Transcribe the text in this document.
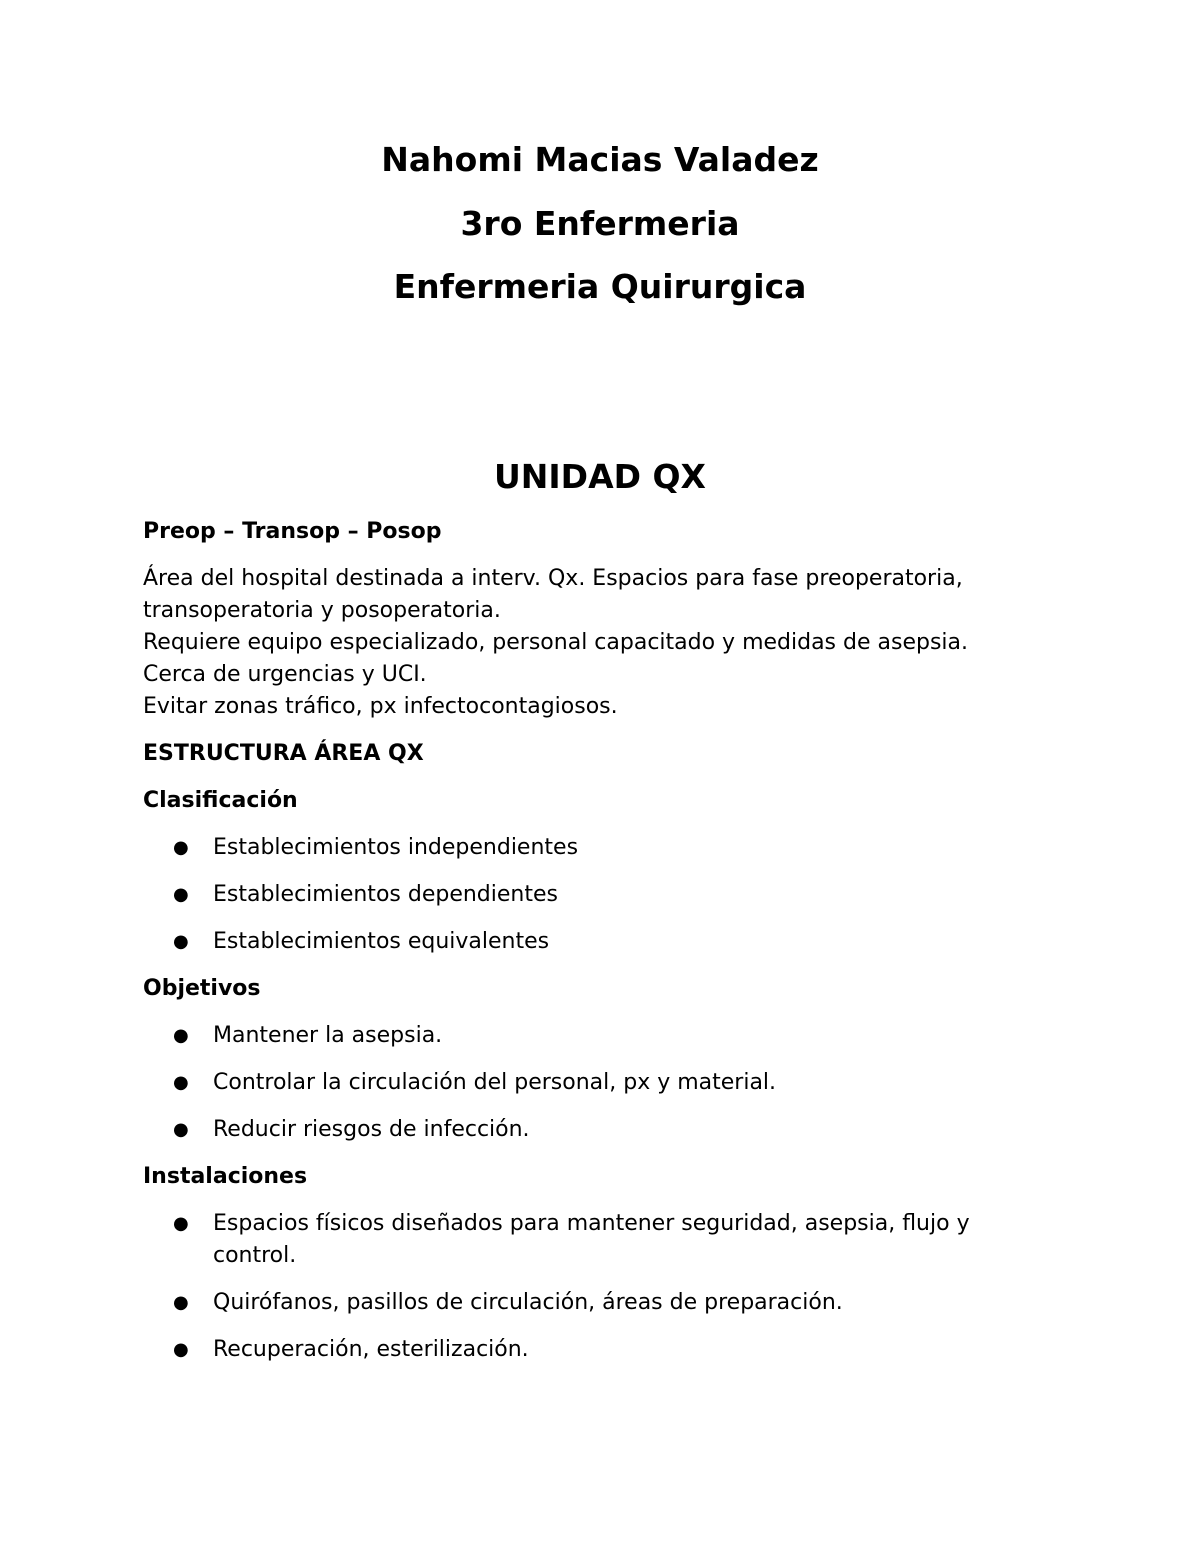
Nahomi Macias Valadez
3ro Enfermeria
Enfermeria Quirurgica
UNIDAD QX

Preop – Transop – Posop

Área del hospital destinada a interv. Qx. Espacios para fase preoperatoria,
transoperatoria y posoperatoria.
Requiere equipo especializado, personal capacitado y medidas de asepsia.
Cerca de urgencias y UCI.
Evitar zonas tráfico, px infectocontagiosos.

ESTRUCTURA ÁREA QX

Clasificación

● Establecimientos independientes
● Establecimientos dependientes
● Establecimientos equivalentes

Objetivos

● Mantener la asepsia.
● Controlar la circulación del personal, px y material.
● Reducir riesgos de infección.

Instalaciones

● Espacios físicos diseñados para mantener seguridad, asepsia, flujo y control.
● Quirófanos, pasillos de circulación, áreas de preparación.
● Recuperación, esterilización.
